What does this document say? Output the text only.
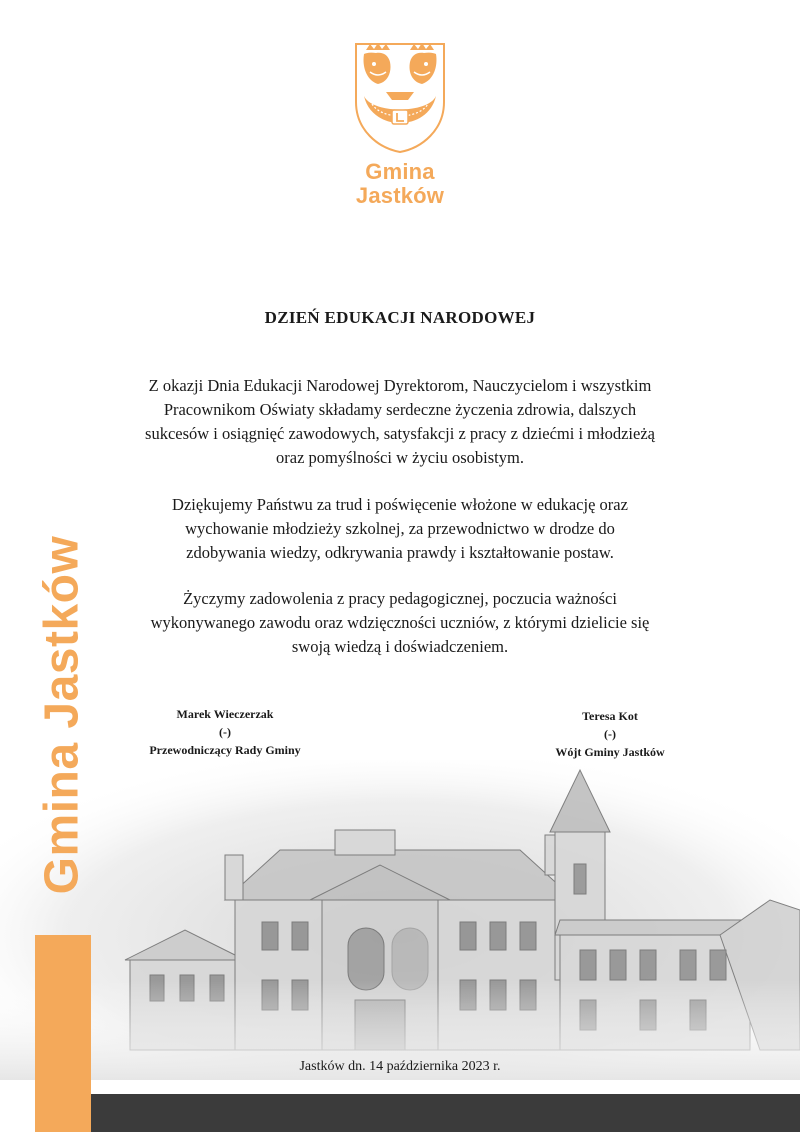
Gmina
Jastków
DZIEŃ EDUKACJI NARODOWEJ
Z okazji Dnia Edukacji Narodowej Dyrektorom, Nauczycielom i wszystkim
Pracownikom Oświaty składamy serdeczne życzenia zdrowia, dalszych
sukcesów i osiągnięć zawodowych, satysfakcji z pracy z dziećmi i młodzieżą
oraz pomyślności w życiu osobistym.
Dziękujemy Państwu za trud i poświęcenie włożone w edukację oraz
wychowanie młodzieży szkolnej, za przewodnictwo w drodze do
zdobywania wiedzy, odkrywania prawdy i kształtowanie postaw.
Życzymy zadowolenia z pracy pedagogicznej, poczucia ważności
wykonywanego zawodu oraz wdzięczności uczniów, z którymi dzielicie się
swoją wiedzą i doświadczeniem.
Marek Wieczerzak
(-)
Przewodniczący Rady Gminy
Teresa Kot
(-)
Wójt Gminy Jastków
Gmina Jastków
Jastków dn. 14 października 2023 r.
